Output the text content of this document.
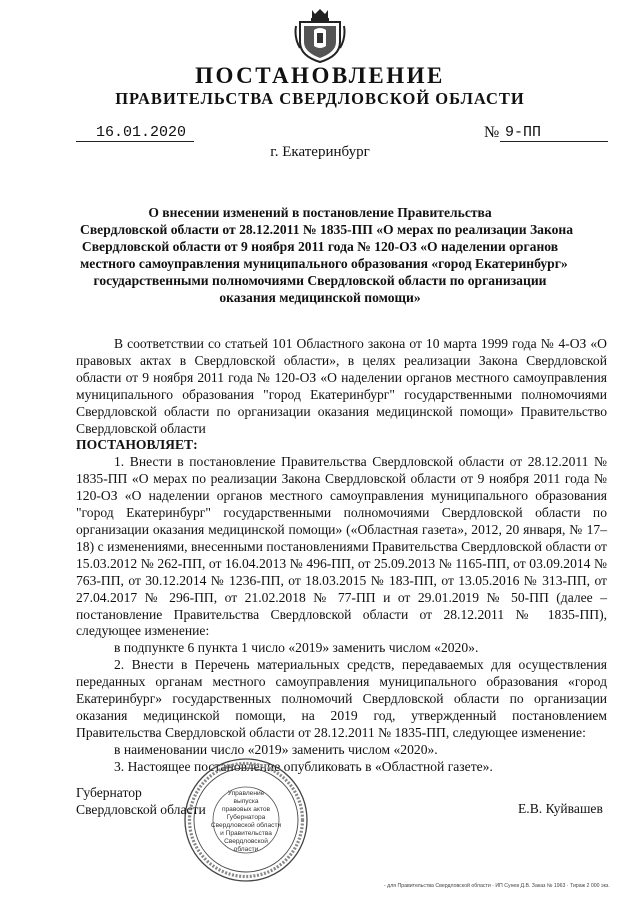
ПОСТАНОВЛЕНИЕ
ПРАВИТЕЛЬСТВА СВЕРДЛОВСКОЙ ОБЛАСТИ
16.01.2020	№ 9-ПП
г. Екатеринбург
О внесении изменений в постановление Правительства
Свердловской области от 28.12.2011 № 1835-ПП «О мерах по реализации Закона
Свердловской области от 9 ноября 2011 года № 120-ОЗ «О наделении органов
местного самоуправления муниципального образования «город Екатеринбург»
государственными полномочиями Свердловской области по организации
оказания медицинской помощи»

В соответствии со статьей 101 Областного закона от 10 марта 1999 года № 4-ОЗ «О правовых актах в Свердловской области», в целях реализации Закона Свердловской области от 9 ноября 2011 года № 120-ОЗ «О наделении органов местного самоуправления муниципального образования "город Екатеринбург" государственными полномочиями Свердловской области по организации оказания медицинской помощи» Правительство Свердловской области

ПОСТАНОВЛЯЕТ:

1. Внести в постановление Правительства Свердловской области от 28.12.2011 № 1835-ПП «О мерах по реализации Закона Свердловской области от 9 ноября 2011 года № 120-ОЗ «О наделении органов местного самоуправления муниципального образования "город Екатеринбург" государственными полномочиями Свердловской области по организации оказания медицинской помощи» («Областная газета», 2012, 20 января, № 17–18) с изменениями, внесенными постановлениями Правительства Свердловской области от 15.03.2012 № 262-ПП, от 16.04.2013 № 496-ПП, от 25.09.2013 № 1165-ПП, от 03.09.2014 № 763-ПП, от 30.12.2014 № 1236-ПП, от 18.03.2015 № 183-ПП, от 13.05.2016 № 313-ПП, от 27.04.2017 № 296-ПП, от 21.02.2018 № 77-ПП и от 29.01.2019 № 50-ПП (далее – постановление Правительства Свердловской области от 28.12.2011 № 1835-ПП), следующее изменение:

в подпункте 6 пункта 1 число «2019» заменить числом «2020».

2. Внести в Перечень материальных средств, передаваемых для осуществления переданных органам местного самоуправления муниципального образования «город Екатеринбург» государственных полномочий Свердловской области по организации оказания медицинской помощи, на 2019 год, утвержденный постановлением Правительства Свердловской области от 28.12.2011 № 1835-ПП, следующее изменение:

в наименовании число «2019» заменить числом «2020».

3. Настоящее постановление опубликовать в «Областной газете».

Управление
выпуска
правовых актов
Губернатора
Свердловской области
и Правительства
Свердловской
области
Губернатор
Свердловской области	Е.В. Куйвашев
- для Правительства Свердловской области · ИП Сунев Д.В. Заказ № 1963 · Тираж 2 000 экз.
